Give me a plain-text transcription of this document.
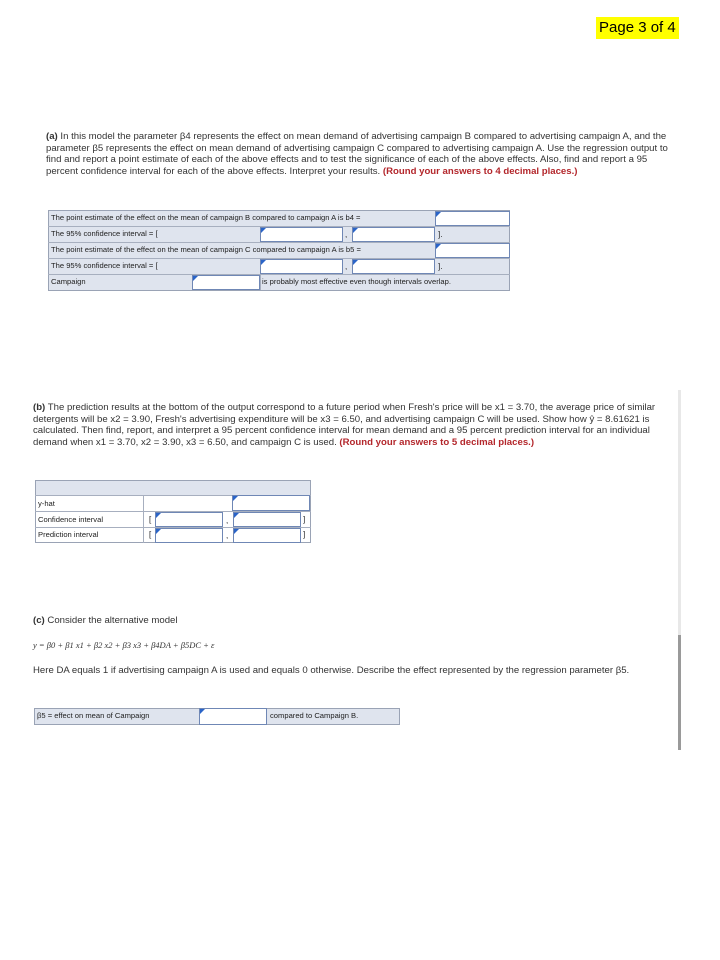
Page 3 of 4
(a) In this model the parameter β4 represents the effect on mean demand of advertising campaign B compared to advertising campaign A, and the parameter β5 represents the effect on mean demand of advertising campaign C compared to advertising campaign A. Use the regression output to find and report a point estimate of each of the above effects and to test the significance of each of the above effects. Also, find and report a 95 percent confidence interval for each of the above effects. Interpret your results. (Round your answers to 4 decimal places.)
The point estimate of the effect on the mean of campaign B compared to campaign A is b4 =
The 95% confidence interval = [	,	].
The point estimate of the effect on the mean of campaign C compared to campaign A is b5 =
The 95% confidence interval = [	,	].
Campaign	is probably most effective even though intervals overlap.
(b) The prediction results at the bottom of the output correspond to a future period when Fresh's price will be x1 = 3.70, the average price of similar detergents will be x2 = 3.90, Fresh's advertising expenditure will be x3 = 6.50, and advertising campaign C will be used. Show how ŷ = 8.61621 is calculated. Then find, report, and interpret a 95 percent confidence interval for mean demand and a 95 percent prediction interval for an individual demand when x1 = 3.70, x2 = 3.90, x3 = 6.50, and campaign C is used. (Round your answers to 5 decimal places.)
y-hat
Confidence interval	[	,	]
Prediction interval	[	,	]
(c) Consider the alternative model
y = β0 + β1 x1 + β2 x2 + β3 x3 + β4DA + β5DC + ε
Here DA equals 1 if advertising campaign A is used and equals 0 otherwise. Describe the effect represented by the regression parameter β5.
β5 = effect on mean of Campaign	compared to Campaign B.
